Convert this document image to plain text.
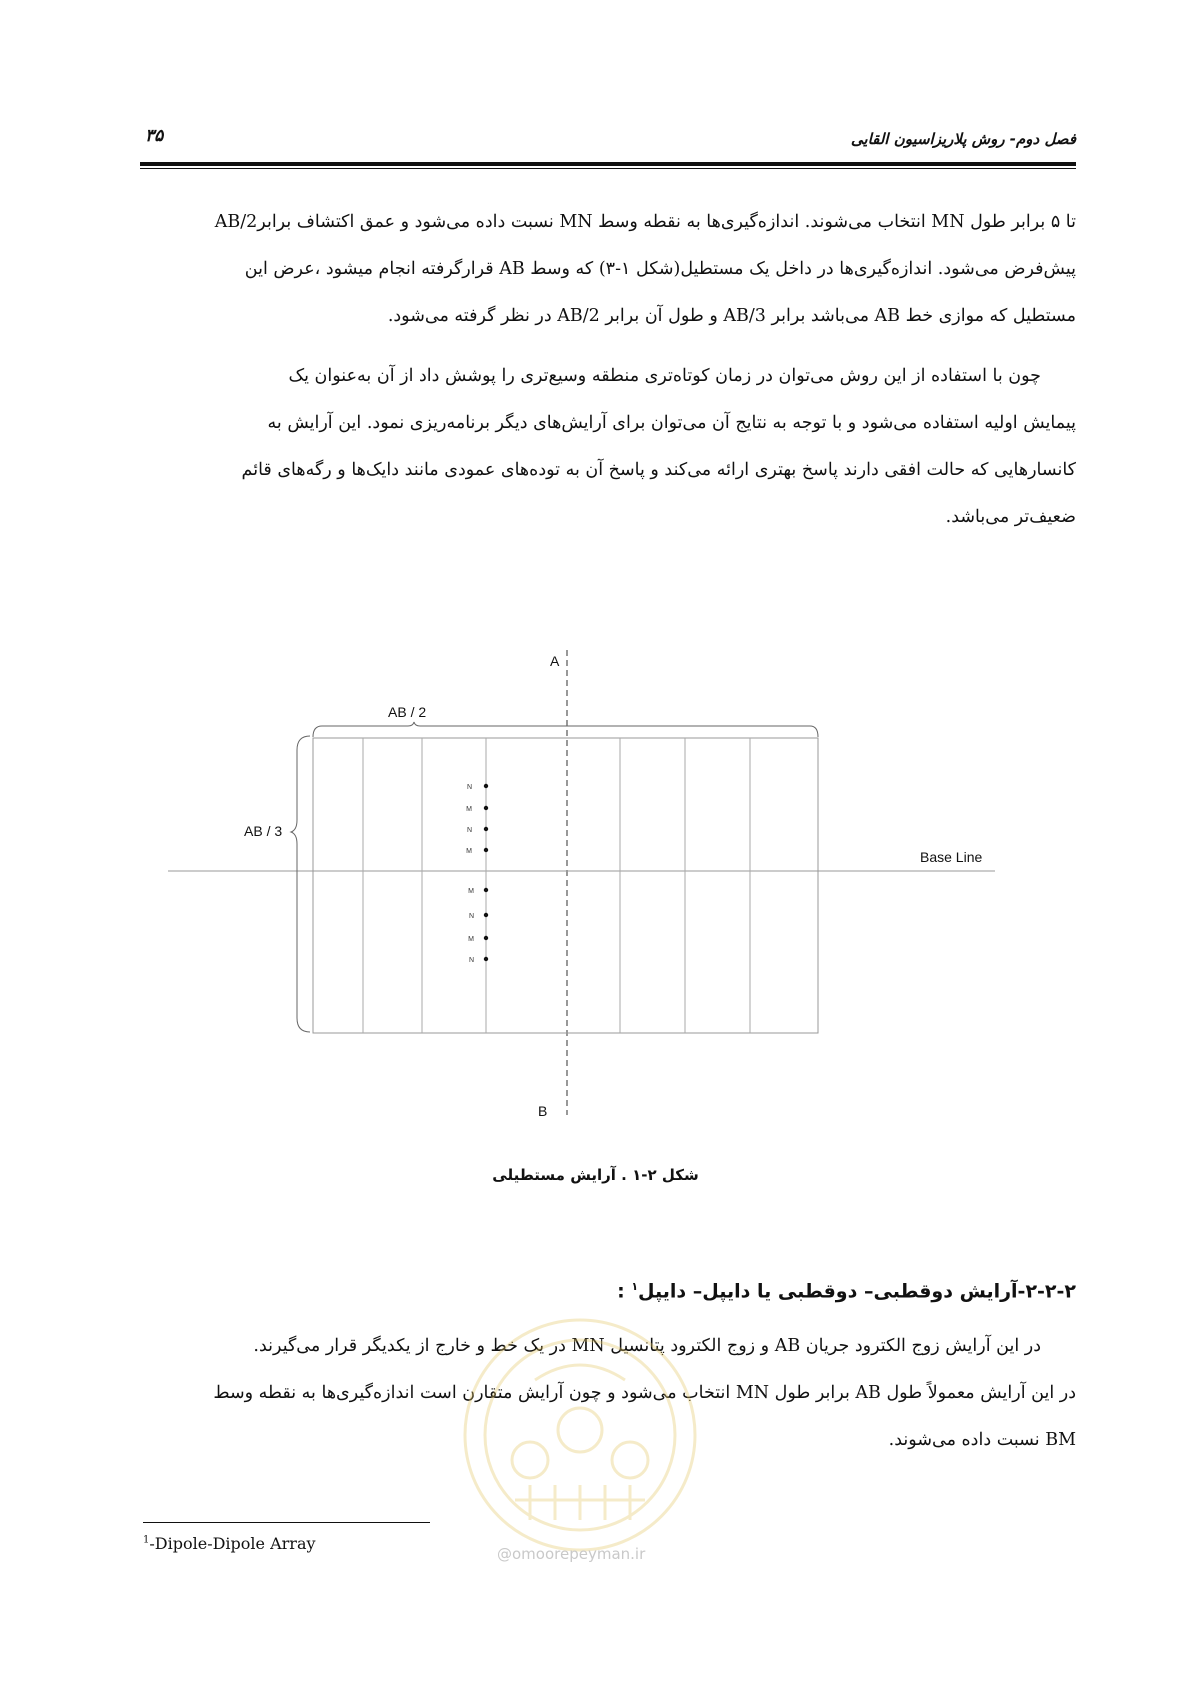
فصل دوم- روش پلاریزاسیون القایی
۳۵
تا ۵ برابر طول MN انتخاب می‌شوند. اندازه‌گیری‌ها به نقطه وسط MN نسبت داده می‌شود و عمق اکتشاف برابرAB/2
پیش‌فرض می‌شود. اندازه‌گیری‌ها در داخل یک مستطیل(شکل ۱-۳) که وسط AB قرارگرفته انجام میشود ،عرض این
مستطیل که موازی خط AB می‌باشد برابر AB/3 و طول آن برابر AB/2 در نظر گرفته می‌شود.
چون با استفاده از این روش می‌توان در زمان کوتاه‌تری منطقه وسیع‌تری را پوشش داد از آن به‌عنوان یک
پیمایش اولیه استفاده می‌شود و با توجه به نتایج آن می‌توان برای آرایش‌های دیگر برنامه‌ریزی نمود. این آرایش به
کانسارهایی که حالت افقی دارند پاسخ بهتری ارائه می‌کند و پاسخ آن به توده‌های عمودی مانند دایک‌ها و رگه‌های قائم
ضعیف‌تر می‌باشد.
N
M
N
M
M
N
M
N
A
B
AB / 2
AB / 3
Base Line
شکل ۲-۱ . آرایش مستطیلی
۲-۲-۲-آرایش دوقطبی– دوقطبی یا دایپل– دایپل$^۱$ :
در این آرایش زوج الکترود جریان AB و زوج الکترود پتانسیل MN در یک خط و خارج از یکدیگر قرار می‌گیرند.
در این آرایش معمولاً طول AB برابر طول MN انتخاب می‌شود و چون آرایش متقارن است اندازه‌گیری‌ها به نقطه وسط
BM نسبت داده می‌شوند.
@omoorepeyman.ir
$^1$-Dipole-Dipole Array
